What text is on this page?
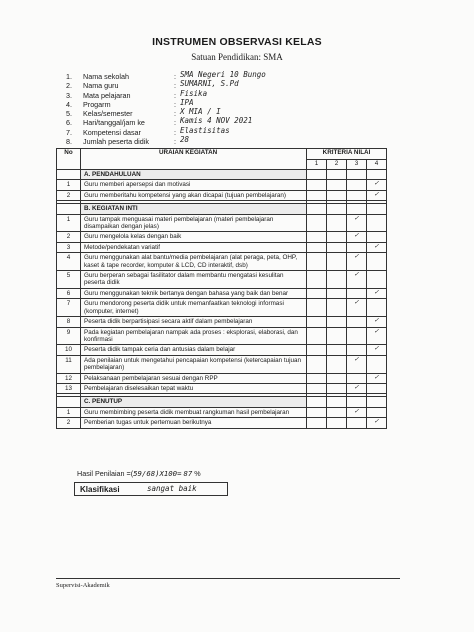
INSTRUMEN OBSERVASI KELAS
Satuan Pendidikan: SMA
1. Nama sekolah	: SMA Negeri 10 Bungo
2. Nama guru	: SUMARNI, S.Pd
3. Mata pelajaran	: Fisika
4. Progarm	: IPA
5. Kelas/semester	: X MIA / I
6. Hari/tanggal/jam ke	: Kamis 4 NOV 2021
7. Kompetensi dasar	: Elastisitas
8. Jumlah peserta didik	: 28
No	URAIAN KEGIATAN	KRITERIA NILAI			
		1	2	3	4
	A. PENDAHULUAN				
1	Guru memberi apersepsi dan motivasi				✓
2	Guru memberitahu kompetensi yang akan dicapai (tujuan pembelajaran)				✓

	B. KEGIATAN INTI				
1	Guru tampak menguasai materi pembelajaran (materi pembelajaran disampaikan dengan jelas)			✓	
2	Guru mengelola kelas dengan baik			✓	
3	Metode/pendekatan variatif				✓
4	Guru menggunakan alat bantu/media pembelajaran (alat peraga, peta, OHP, kaset & tape recorder, komputer & LCD, CD interaktif, dsb)			✓	
5	Guru berperan sebagai fasilitator dalam membantu mengatasi kesulitan peserta didik			✓	
6	Guru menggunakan teknik bertanya dengan bahasa yang baik dan benar				✓
7	Guru mendorong peserta didik untuk memanfaatkan teknologi informasi (komputer, internet)			✓	
8	Peserta didik berpartisipasi secara aktif dalam pembelajaran				✓
9	Pada kegiatan pembelajaran nampak ada proses : eksplorasi, elaborasi, dan konfirmasi				✓
10	Peserta didik tampak ceria dan antusias dalam belajar				✓
11	Ada penilaian untuk mengetahui pencapaian kompetensi (ketercapaian tujuan pembelajaran)			✓	
12	Pelaksanaan pembelajaran sesuai dengan RPP				✓
13	Pembelajaran diselesaikan tepat waktu			✓	

	C. PENUTUP				
1	Guru membimbing peserta didik membuat rangkuman hasil pembelajaran			✓	
2	Pemberian tugas untuk pertemuan berikutnya				✓
Hasil Penilaian =(59/68)X100= 87 %
Klasifikasi	sangat baik
Supervisi-Akademik
